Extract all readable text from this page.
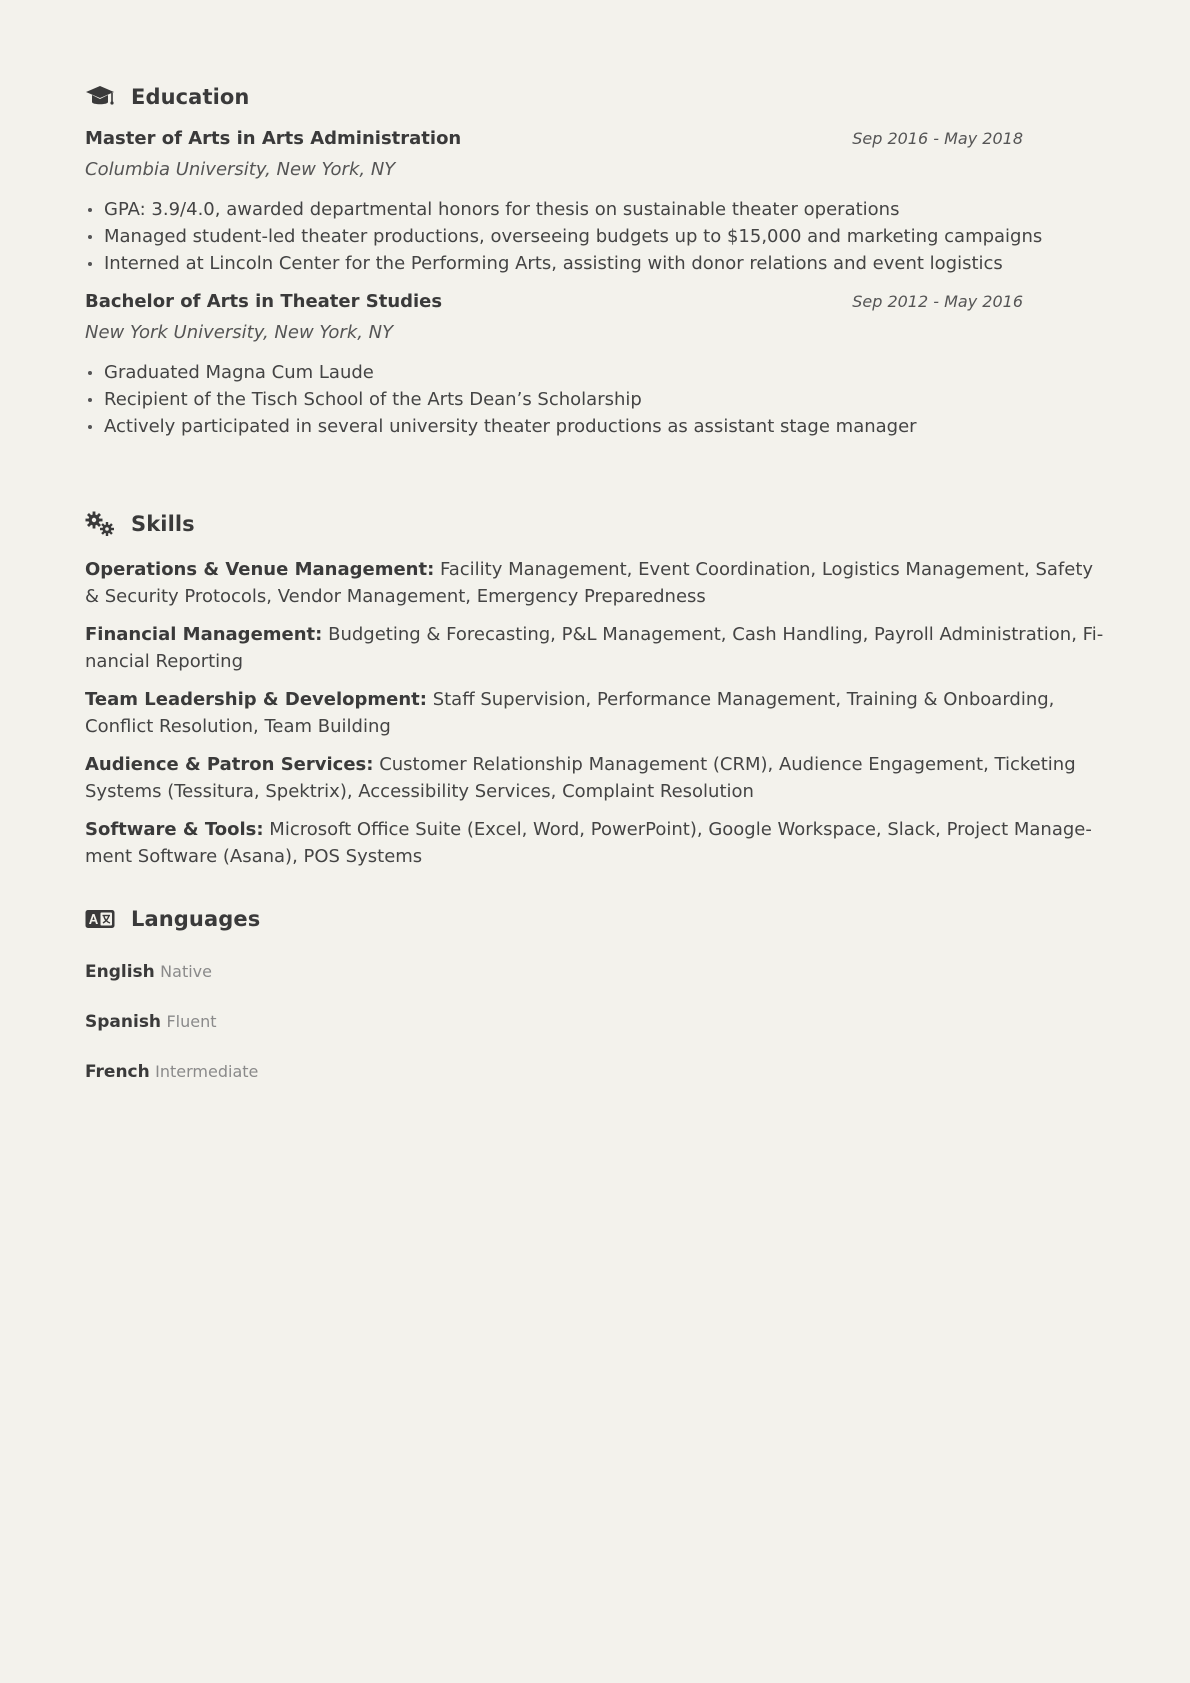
Education
Master of Arts in Arts Administration	Sep 2016 - May 2018
Columbia University, New York, NY
GPA: 3.9/4.0, awarded departmental honors for thesis on sustainable theater operations
Managed student-led theater productions, overseeing budgets up to $15,000 and marketing campaigns
Interned at Lincoln Center for the Performing Arts, assisting with donor relations and event logistics
Bachelor of Arts in Theater Studies	Sep 2012 - May 2016
New York University, New York, NY
Graduated Magna Cum Laude
Recipient of the Tisch School of the Arts Dean’s Scholarship
Actively participated in several university theater productions as assistant stage manager
Skills
Operations & Venue Management: Facility Management, Event Coordination, Logistics Management, Safety & Security Protocols, Vendor Management, Emergency Preparedness
Financial Management: Budgeting & Forecasting, P&L Management, Cash Handling, Payroll Administration, Financial Reporting
Team Leadership & Development: Staff Supervision, Performance Management, Training & Onboarding, Conflict Resolution, Team Building
Audience & Patron Services: Customer Relationship Management (CRM), Audience Engagement, Ticketing Systems (Tessitura, Spektrix), Accessibility Services, Complaint Resolution
Software & Tools: Microsoft Office Suite (Excel, Word, PowerPoint), Google Workspace, Slack, Project Management Software (Asana), POS Systems
Languages
English Native
Spanish Fluent
French Intermediate
